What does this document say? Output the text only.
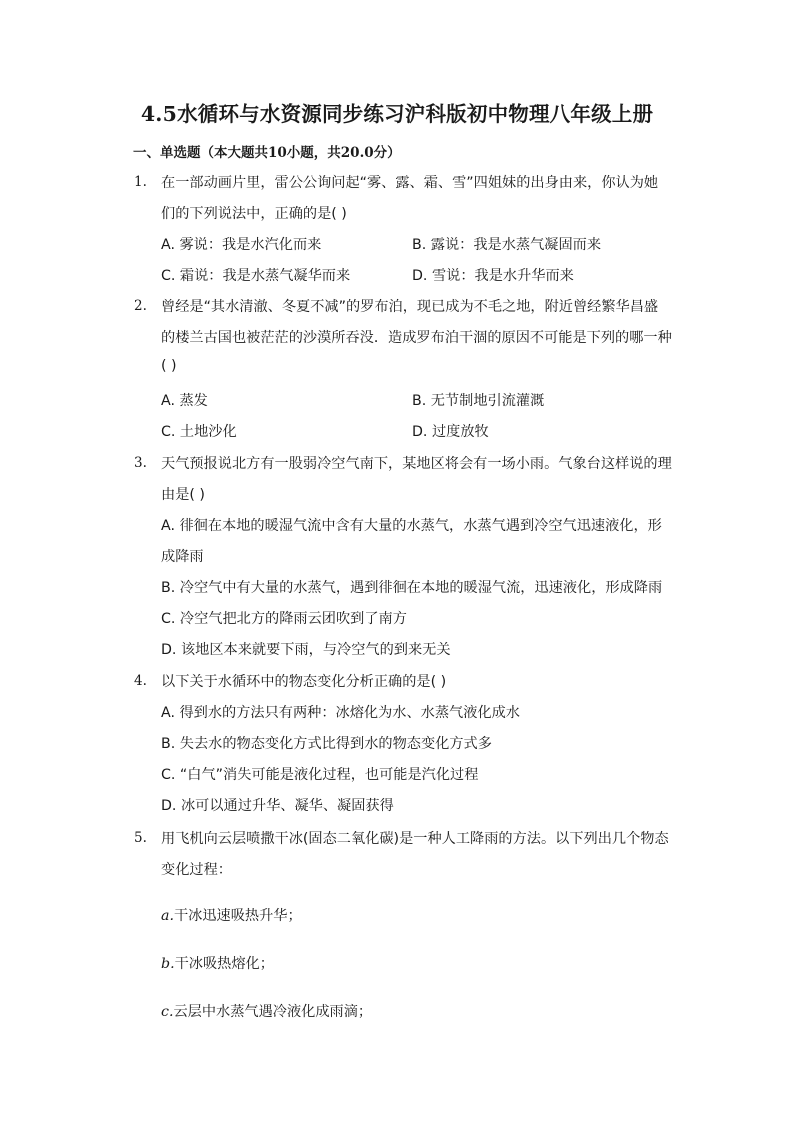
4.5水循环与水资源同步练习沪科版初中物理八年级上册
一、单选题（本大题共10小题，共20.0分）
1. 在一部动画片里，雷公公询问起“雾、露、霜、雪”四姐妹的出身由来，你认为她
们的下列说法中，正确的是( )
A. 雾说：我是水汽化而来	B. 露说：我是水蒸气凝固而来
C. 霜说：我是水蒸气凝华而来	D. 雪说：我是水升华而来
2. 曾经是“其水清澈、冬夏不减”的罗布泊，现已成为不毛之地，附近曾经繁华昌盛
的楼兰古国也被茫茫的沙漠所吞没．造成罗布泊干涸的原因不可能是下列的哪一种
( )
A. 蒸发	B. 无节制地引流灌溉
C. 土地沙化	D. 过度放牧
3. 天气预报说北方有一股弱冷空气南下，某地区将会有一场小雨。气象台这样说的理
由是( )
A. 徘徊在本地的暖湿气流中含有大量的水蒸气，水蒸气遇到冷空气迅速液化，形
成降雨
B. 冷空气中有大量的水蒸气，遇到徘徊在本地的暖湿气流，迅速液化，形成降雨
C. 冷空气把北方的降雨云团吹到了南方
D. 该地区本来就要下雨，与冷空气的到来无关
4. 以下关于水循环中的物态变化分析正确的是( )
A. 得到水的方法只有两种：冰熔化为水、水蒸气液化成水
B. 失去水的物态变化方式比得到水的物态变化方式多
C. “白气”消失可能是液化过程，也可能是汽化过程
D. 冰可以通过升华、凝华、凝固获得
5. 用飞机向云层喷撒干冰(固态二氧化碳)是一种人工降雨的方法。以下列出几个物态
变化过程：
a.干冰迅速吸热升华；
b.干冰吸热熔化；
c.云层中水蒸气遇冷液化成雨滴；
